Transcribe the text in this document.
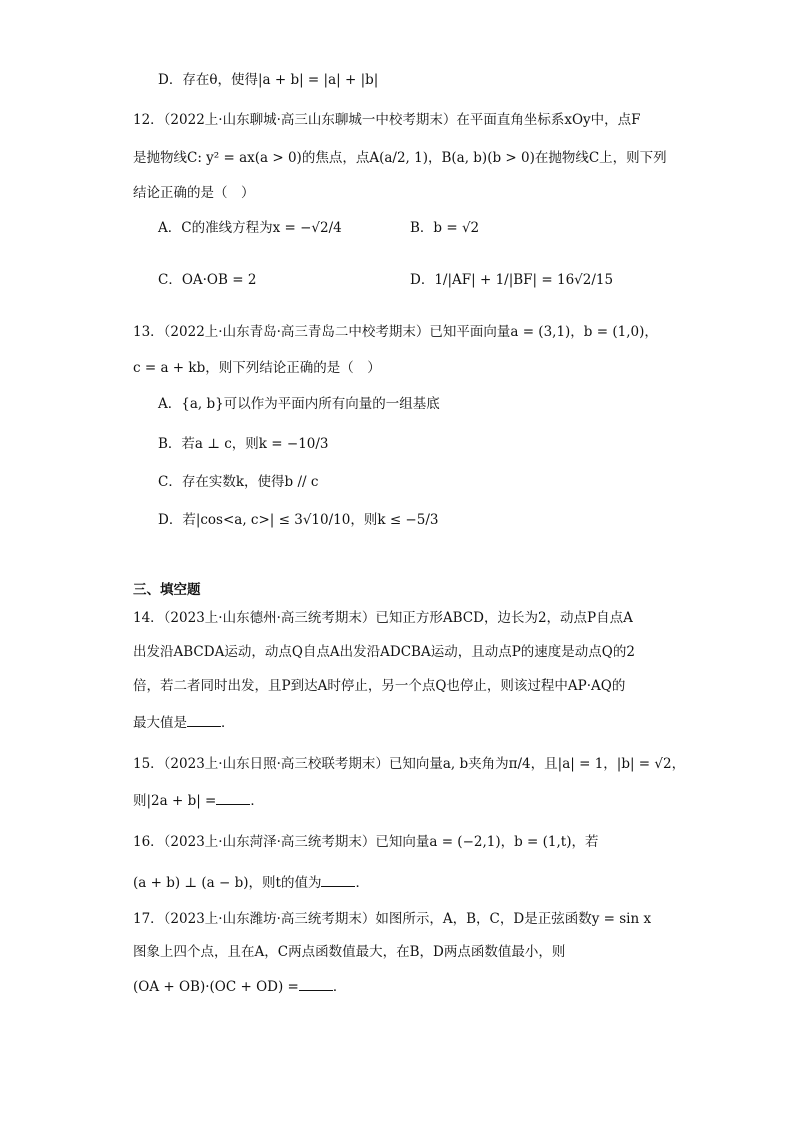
D．存在θ，使得|a + b| = |a| + |b|
12．（2022上·山东聊城·高三山东聊城一中校考期末）在平面直角坐标系xOy中，点F
是抛物线C: y² = ax(a > 0)的焦点，点A(a/2, 1)，B(a, b)(b > 0)在抛物线C上，则下列
结论正确的是（　）
A．C的准线方程为x = −√2/4	B．b = √2
C．OA·OB = 2	D．1/|AF| + 1/|BF| = 16√2/15
13．（2022上·山东青岛·高三青岛二中校考期末）已知平面向量a = (3,1)，b = (1,0)，
c = a + kb，则下列结论正确的是（　）
A．{a, b}可以作为平面内所有向量的一组基底
B．若a ⊥ c，则k = −10/3
C．存在实数k，使得b // c
D．若|cos<a, c>| ≤ 3√10/10，则k ≤ −5/3
三、填空题
14．（2023上·山东德州·高三统考期末）已知正方形ABCD，边长为2，动点P自点A
出发沿ABCDA运动，动点Q自点A出发沿ADCBA运动，且动点P的速度是动点Q的2
倍，若二者同时出发，且P到达A时停止，另一个点Q也停止，则该过程中AP·AQ的
最大值是	．
15．（2023上·山东日照·高三校联考期末）已知向量a, b夹角为π/4，且|a| = 1，|b| = √2，
则|2a + b| =	．
16．（2023上·山东菏泽·高三统考期末）已知向量a = (−2,1)，b = (1,t)，若
(a + b) ⊥ (a − b)，则t的值为	．
17．（2023上·山东潍坊·高三统考期末）如图所示，A，B，C，D是正弦函数y = sin x
图象上四个点，且在A，C两点函数值最大，在B，D两点函数值最小，则
(OA + OB)·(OC + OD) =	．
